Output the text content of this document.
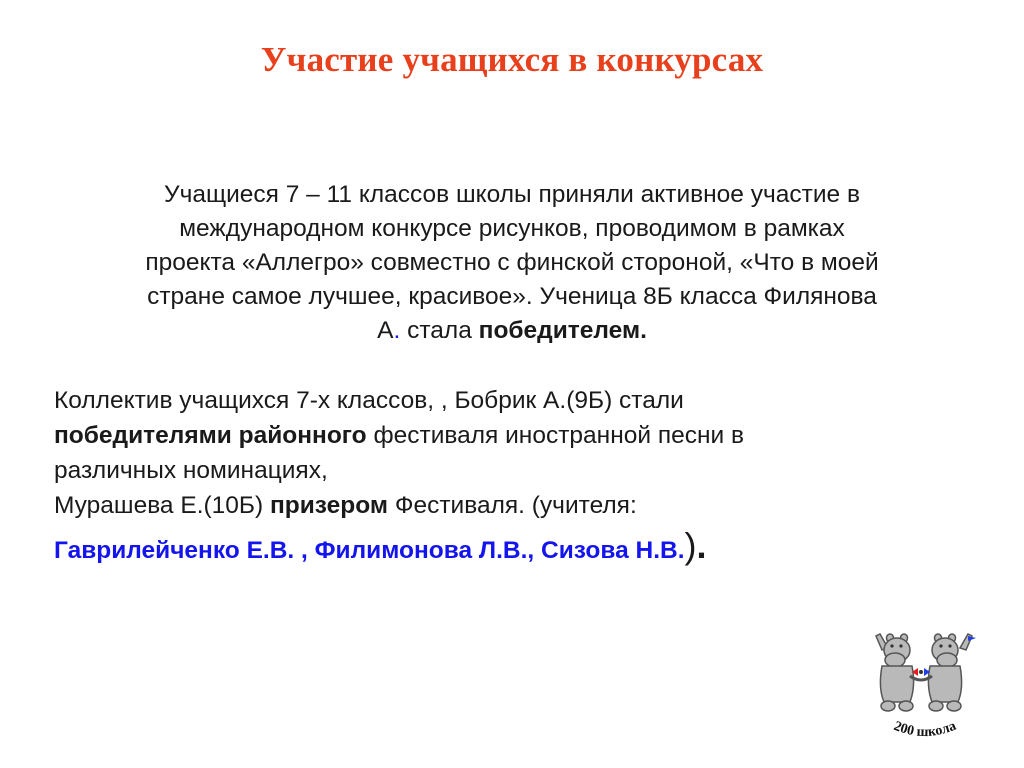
Участие учащихся в конкурсах
Учащиеся 7 – 11 классов школы приняли активное участие в
международном конкурсе рисунков, проводимом в рамках
проекта «Аллегро» совместно с финской стороной, «Что в моей
стране самое лучшее, красивое». Ученица 8Б класса Филянова
А. стала победителем.
Коллектив учащихся 7-х классов, , Бобрик А.(9Б) стали
победителями районного фестиваля иностранной песни в
различных номинациях,
Мурашева Е.(10Б) призером Фестиваля. (учителя:
Гаврилейченко Е.В. , Филимонова Л.В., Сизова Н.В.).
200 школа
